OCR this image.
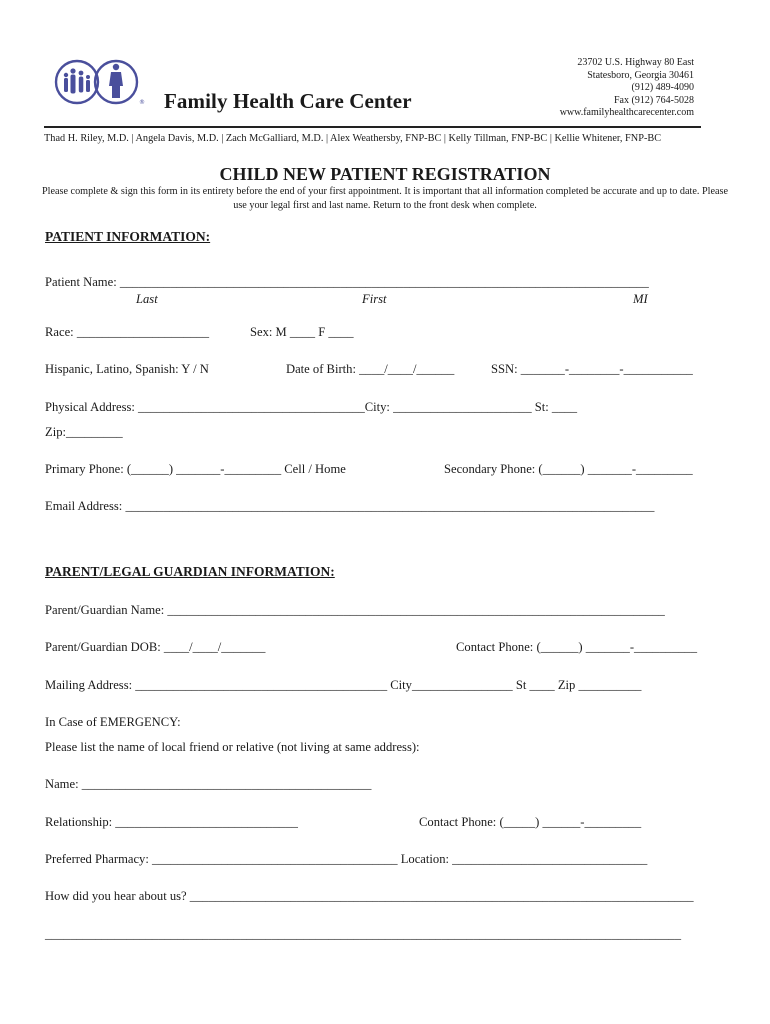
® Family Health Care Center
23702 U.S. Highway 80 East
Statesboro, Georgia 30461
(912) 489-4090
Fax (912) 764-5028
www.familyhealthcarecenter.com
Thad H. Riley, M.D. | Angela Davis, M.D. | Zach McGalliard, M.D. | Alex Weathersby, FNP-BC | Kelly Tillman, FNP-BC | Kellie Whitener, FNP-BC
CHILD NEW PATIENT REGISTRATION
Please complete & sign this form in its entirety before the end of your first appointment. It is important that all information completed be accurate and up to date. Please use your legal first and last name. Return to the front desk when complete.
PATIENT INFORMATION:
Patient Name: ____________________________________________________________________________________
Last	First	MI
Race: _____________________	Sex: M ____ F ____
Hispanic, Latino, Spanish: Y / N	Date of Birth: ____/____/______	SSN: _______-________-___________
Physical Address: ____________________________________City: ______________________ St: ____
Zip:_________
Primary Phone: (______) _______-_________ Cell / Home	Secondary Phone: (______) _______-_________
Email Address: ____________________________________________________________________________________
PARENT/LEGAL GUARDIAN INFORMATION:
Parent/Guardian Name: _______________________________________________________________________________
Parent/Guardian DOB: ____/____/_______	Contact Phone: (______) _______-__________
Mailing Address: ________________________________________ City________________ St ____ Zip __________
In Case of EMERGENCY:
Please list the name of local friend or relative (not living at same address):
Name: ______________________________________________
Relationship: _____________________________	Contact Phone: (_____) ______-_________
Preferred Pharmacy: _______________________________________ Location: _______________________________
How did you hear about us? ________________________________________________________________________________
_____________________________________________________________________________________________________
